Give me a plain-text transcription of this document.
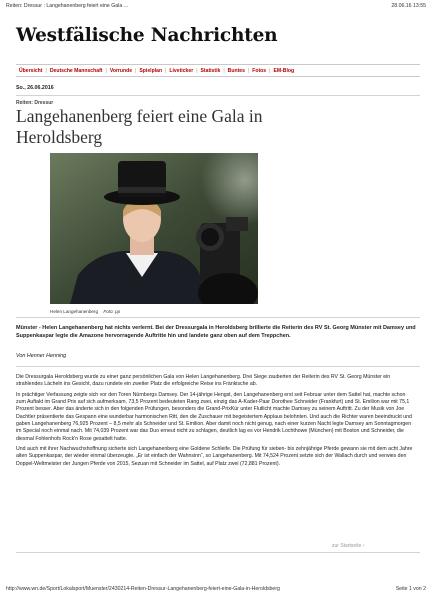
Reiten: Dressur : Langehanenberg feiert eine Gala ...	28.06.16 13:55
Westfälische Nachrichten
Übersicht | Deutsche Mannschaft | Vorrunde | Spielplan | Liveticker | Statistik | Buntes | Fotos | EM-Blog
So., 26.06.2016
Reiten: Dressur
Langehanenberg feiert eine Gala in Heroldsberg
Helen Langehanenberg Foto: pp

Münster - Helen Langehanenberg hat nichts verlernt. Bei der Dressurgala in Heroldsberg brillierte die Reiterin des RV St. Georg Münster mit Damsey und Suppenkaspar legte die Amazone hervorragende Auftritte hin und landete ganz oben auf dem Treppchen.

Von Henner Henning

Die Dressurgala Heroldsberg wurde zu einer ganz persönlichen Gala von Helen Langehanenberg. Drei Siege zauberten der Reiterin des RV St. Georg Münster ein strahlendes Lächeln ins Gesicht, dazu rundete ein zweiter Platz die erfolgreiche Reise ins Fränkische ab.

In prächtiger Verfassung zeigte sich vor den Toren Nürnbergs Damsey. Der 14-jährige Hengst, den Langehanenberg erst seit Februar unter dem Sattel hat, machte schon zum Auftakt im Grand Prix auf sich aufmerksam. 73,5 Prozent bedeuteten Rang zwei, einzig das A-Kader-Paar Dorothee Schneider (Frankfurt) und St. Emilion war mit 75,1 Prozent besser. Aber das änderte sich in den folgenden Prüfungen, besonders die Grand-PrixKür unter Flutlicht machte Damsey zu seinem Auftritt. Zu der Musik von Joe Dachtler präsentierte das Gespann eine wunderbar harmonischen Ritt, den die Zuschauer mit begeistertem Applaus belohnten. Und auch die Richter waren beeindruckt und gaben Langehanenberg 76,925 Prozent – 8,5 mehr als Schneider und St. Emilion. Aber damit noch nicht genug, nach einer kurzen Nacht legte Damsey am Sonntagmorgen im Special noch einmal nach. Mit 74,039 Prozent war das Duo erneut nicht zu schlagen, deutlich lag es vor Hendrik Lochthowe (München) mit Boston und Schneider, die diesmal Fohlenhofs Rock'n Rose gesattelt hatte.

Und auch mit ihrer Nachwuchshoffnung sicherte sich Langehanenberg eine Goldene Schleife. Die Prüfung für sieben- bis zehnjährige Pferde gewann sie mit dem acht Jahre alten Suppenkaspar, der wieder einmal überzeugte. „Er ist einfach der Wahnsinn“, so Langehanenberg. Mit 74,524 Prozent setzte sich der Wallach durch und verwies den Doppel-Weltmeister der Jungen Pferde von 2015, Sezuan mit Schneider im Sattel, auf Platz zwei (72,881 Prozent).

zur Startseite ›
http://www.wn.de/Sport/Lokalsport/Muenster/2430214-Reiten-Dressur-Langehanenberg-feiert-eine-Gala-in-Heroldsberg	Seite 1 von 2
